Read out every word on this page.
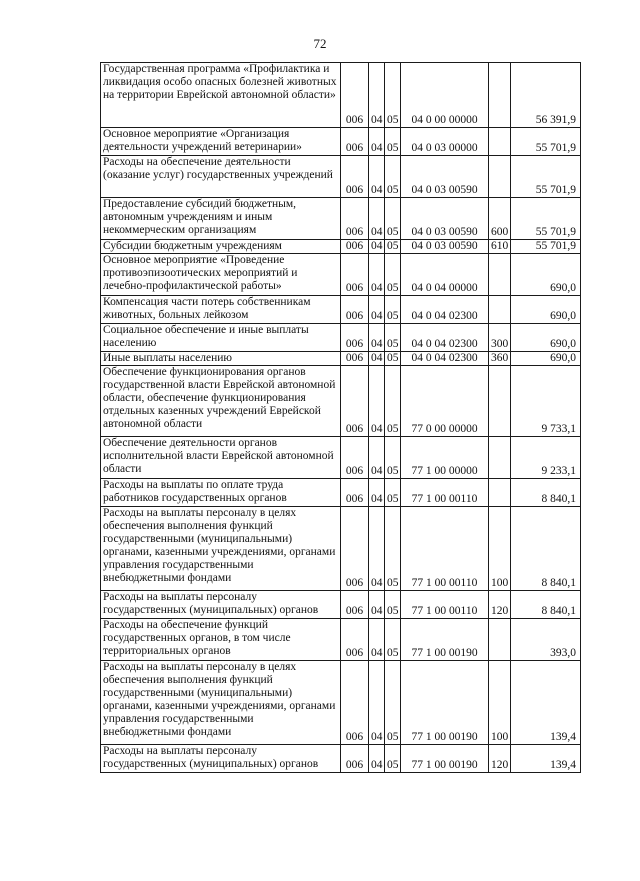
72
Государственная программа «Профилактика и ликвидация особо опасных болезней животных на территории Еврейской автономной области»	006	04	05	04 0 00 00000		56 391,9
Основное мероприятие «Организация деятельности учреждений ветеринарии»	006	04	05	04 0 03 00000		55 701,9
Расходы на обеспечение деятельности (оказание услуг) государственных учреждений	006	04	05	04 0 03 00590		55 701,9
Предоставление субсидий бюджетным, автономным учреждениям и иным некоммерческим организациям	006	04	05	04 0 03 00590	600	55 701,9
Субсидии бюджетным учреждениям	006	04	05	04 0 03 00590	610	55 701,9
Основное мероприятие «Проведение противоэпизоотических мероприятий и лечебно-профилактической работы»	006	04	05	04 0 04 00000		690,0
Компенсация части потерь собственникам животных, больных лейкозом	006	04	05	04 0 04 02300		690,0
Социальное обеспечение и иные выплаты населению	006	04	05	04 0 04 02300	300	690,0
Иные выплаты населению	006	04	05	04 0 04 02300	360	690,0
Обеспечение функционирования органов государственной власти Еврейской автономной области, обеспечение функционирования отдельных казенных учреждений Еврейской автономной области	006	04	05	77 0 00 00000		9 733,1
Обеспечение деятельности органов исполнительной власти Еврейской автономной области	006	04	05	77 1 00 00000		9 233,1
Расходы на выплаты по оплате труда работников государственных органов	006	04	05	77 1 00 00110		8 840,1
Расходы на выплаты персоналу в целях обеспечения выполнения функций государственными (муниципальными) органами, казенными учреждениями, органами управления государственными внебюджетными фондами	006	04	05	77 1 00 00110	100	8 840,1
Расходы на выплаты персоналу государственных (муниципальных) органов	006	04	05	77 1 00 00110	120	8 840,1
Расходы на обеспечение функций государственных органов, в том числе территориальных органов	006	04	05	77 1 00 00190		393,0
Расходы на выплаты персоналу в целях обеспечения выполнения функций государственными (муниципальными) органами, казенными учреждениями, органами управления государственными внебюджетными фондами	006	04	05	77 1 00 00190	100	139,4
Расходы на выплаты персоналу государственных (муниципальных) органов	006	04	05	77 1 00 00190	120	139,4
